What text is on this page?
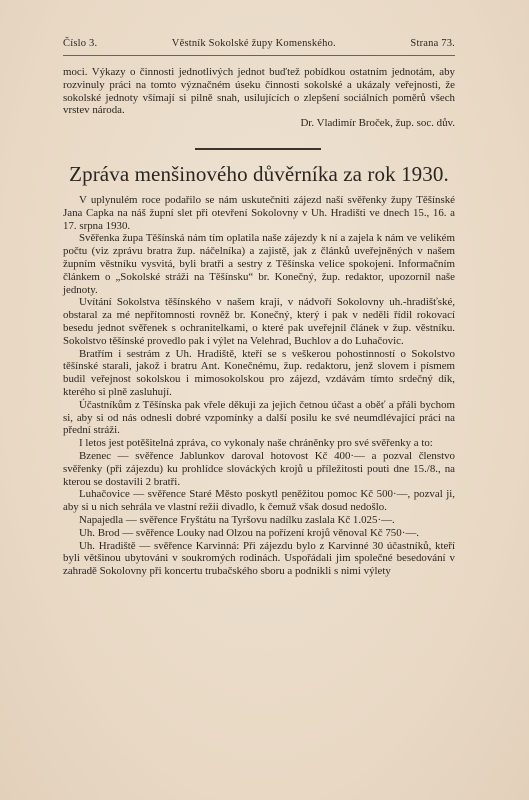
Číslo 3.	Věstník Sokolské župy Komenského.	Strana 73.

moci. Výkazy o činnosti jednotlivých jednot buďtež pobídkou ostatním jednotám, aby rozvinuly práci na tomto význačném úseku činnosti sokolské a ukázaly veřejnosti, že sokolské jednoty všímají si pilně snah, usilujících o zlepšení sociálních poměrů všech vrstev národa.

Dr. Vladimír Broček, žup. soc. dův.

Zpráva menšinového důvěrníka za rok 1930.

V uplynulém roce podařilo se nám uskutečniti zájezd naší svěřenky župy Těšínské Jana Capka na náš župní slet při otevření Sokolovny v Uh. Hradišti ve dnech 15., 16. a 17. srpna 1930.

Svěřenka župa Těšínská nám tím oplatila naše zájezdy k ní a zajela k nám ve velikém počtu (viz zprávu bratra žup. náčelníka) a zajistě, jak z článků uveřejněných v našem župním věstníku vysvitá, byli bratři a sestry z Těšínska velice spokojeni. Informačním článkem o „Sokolské stráži na Těšínsku“ br. Konečný, žup. redaktor, upozornil naše jednoty.

Uvítání Sokolstva těšínského v našem kraji, v nádvoří Sokolovny uh.-hradišťské, obstaral za mé nepřítomnosti rovněž br. Konečný, který i pak v neděli řídil rokovací besedu jednot svěřenek s ochranitelkami, o které pak uveřejnil článek v žup. věstníku. Sokolstvo těšínské provedlo pak i výlet na Velehrad, Buchlov a do Luhačovic.

Bratřím i sestrám z Uh. Hradiště, kteří se s veškerou pohostinností o Sokolstvo těšínské starali, jakož i bratru Ant. Konečnému, žup. redaktoru, jenž slovem i písmem budil veřejnost sokolskou i mimosokolskou pro zájezd, vzdávám tímto srdečný dík, kterého si plně zasluhují.

Účastníkům z Těšínska pak vřele děkuji za jejich četnou účast a oběť a přáli bychom si, aby si od nás odnesli dobré vzpomínky a další posilu ke své neumdlévající práci na přední stráži.

I letos jest potěšitelná zpráva, co vykonaly naše chráněnky pro své svěřenky a to:

Bzenec — svěřence Jablunkov daroval hotovost Kč 400·— a pozval členstvo svěřenky (při zájezdu) ku prohlídce slováckých krojů u příležitosti pouti dne 15./8., na kterou se dostavili 2 bratři.

Luhačovice — svěřence Staré Město poskytl peněžitou pomoc Kč 500·—, pozval ji, aby si u nich sehrála ve vlastní režii divadlo, k čemuž však dosud nedošlo.

Napajedla — svěřence Fryštátu na Tyršovu nadílku zaslala Kč 1.025·—.

Uh. Brod — svěřence Louky nad Olzou na pořízení krojů věnoval Kč 750·—.

Uh. Hradiště — svěřence Karvinná: Při zájezdu bylo z Karvinné 30 účastníků, kteří byli většinou ubytováni v soukromých rodinách. Uspořádali jim společné besedování v zahradě Sokolovny při koncertu trubačského sboru a podnikli s nimi výlety
